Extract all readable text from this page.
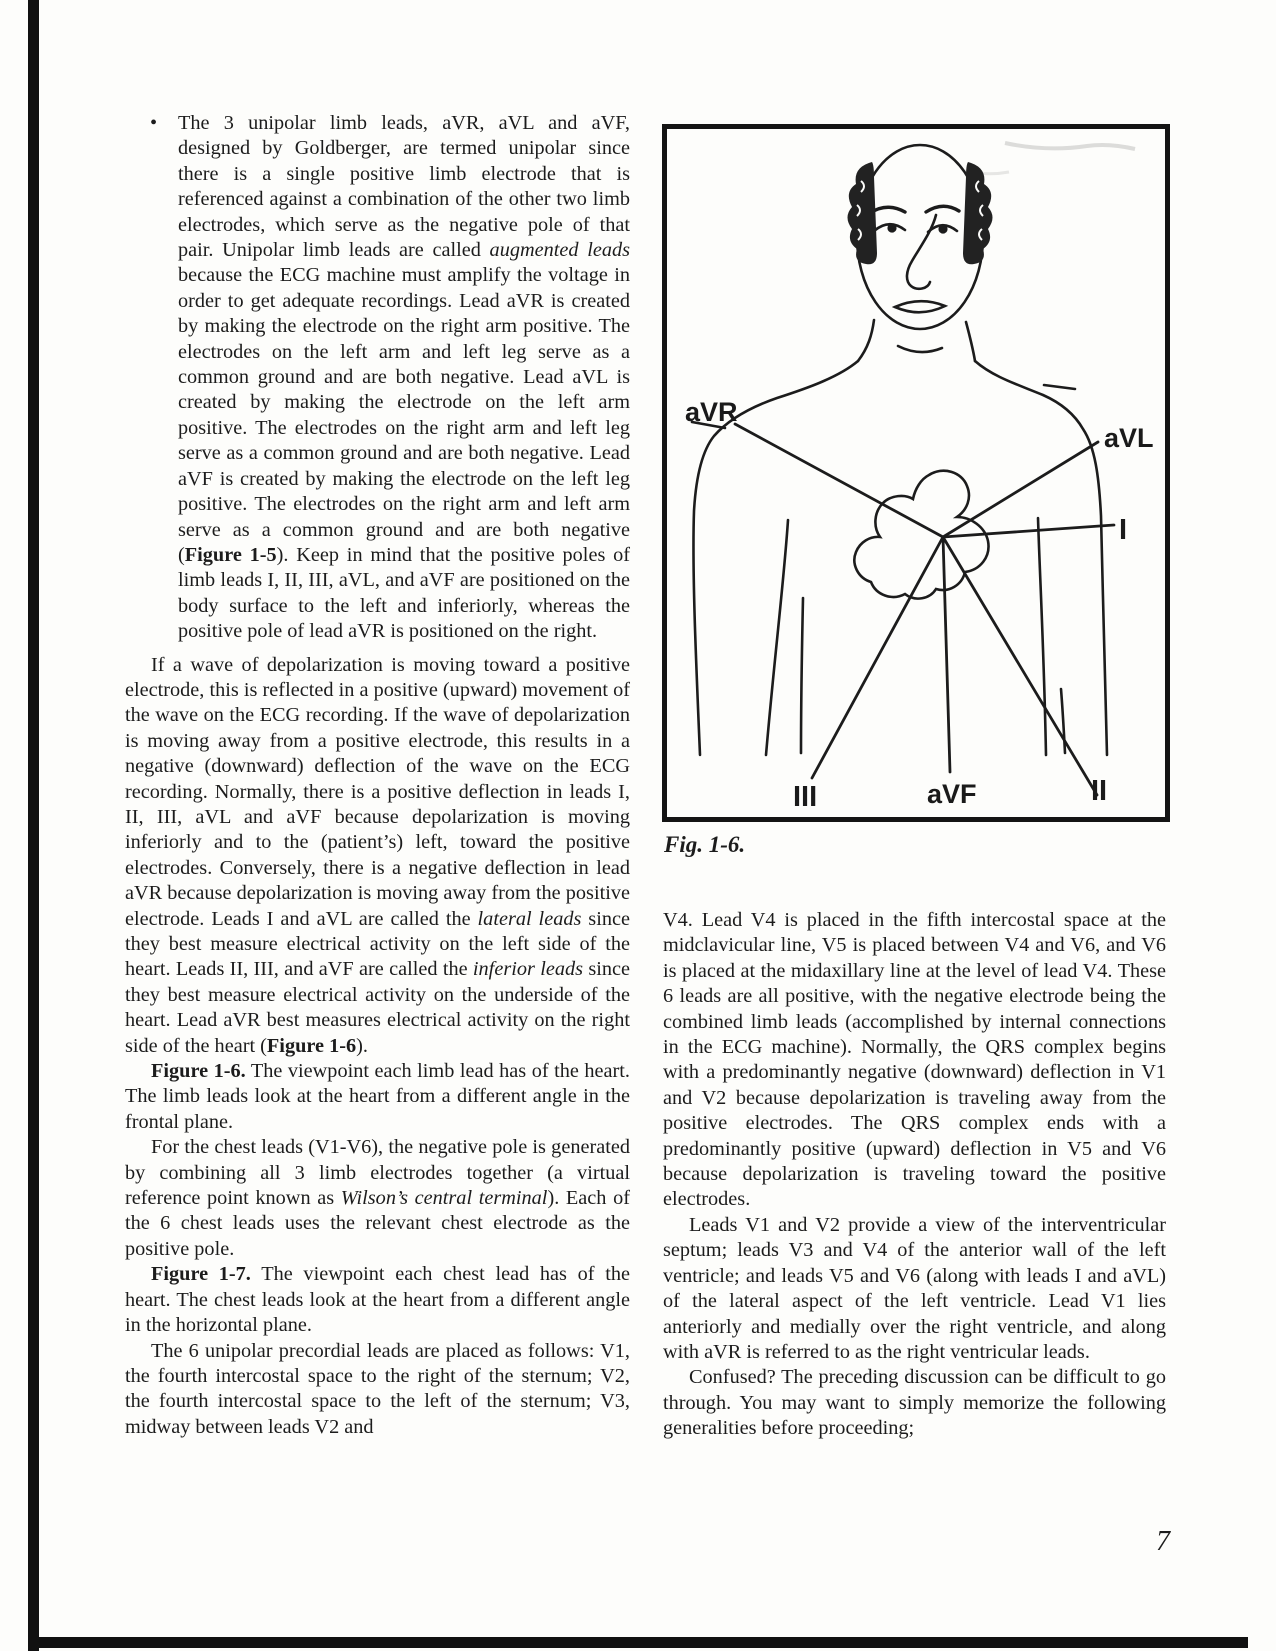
•	The 3 unipolar limb leads, aVR, aVL and aVF, designed by Goldberger, are termed unipolar since there is a single positive limb electrode that is referenced against a combination of the other two limb electrodes, which serve as the negative pole of that pair. Unipolar limb leads are called augmented leads because the ECG machine must amplify the voltage in order to get adequate recordings. Lead aVR is created by making the electrode on the right arm positive. The electrodes on the left arm and left leg serve as a common ground and are both negative. Lead aVL is created by making the electrode on the left arm positive. The electrodes on the right arm and left leg serve as a common ground and are both negative. Lead aVF is created by making the electrode on the left leg positive. The electrodes on the right arm and left arm serve as a common ground and are both negative (Figure 1-5). Keep in mind that the positive poles of limb leads I, II, III, aVL, and aVF are positioned on the body surface to the left and inferiorly, whereas the positive pole of lead aVR is positioned on the right.

If a wave of depolarization is moving toward a positive electrode, this is reflected in a positive (upward) movement of the wave on the ECG recording. If the wave of depolarization is moving away from a positive electrode, this results in a negative (downward) deflection of the wave on the ECG recording. Normally, there is a positive deflection in leads I, II, III, aVL and aVF because depolarization is moving inferiorly and to the (patient’s) left, toward the positive electrodes. Conversely, there is a negative deflection in lead aVR because depolarization is moving away from the positive electrode. Leads I and aVL are called the lateral leads since they best measure electrical activity on the left side of the heart. Leads II, III, and aVF are called the inferior leads since they best measure electrical activity on the underside of the heart. Lead aVR best measures electrical activity on the right side of the heart (Figure 1-6).

Figure 1-6. The viewpoint each limb lead has of the heart. The limb leads look at the heart from a different angle in the frontal plane.

For the chest leads (V1-V6), the negative pole is generated by combining all 3 limb electrodes together (a virtual reference point known as Wilson’s central terminal). Each of the 6 chest leads uses the relevant chest electrode as the positive pole.

Figure 1-7. The viewpoint each chest lead has of the heart. The chest leads look at the heart from a different angle in the horizontal plane.

The 6 unipolar precordial leads are placed as follows: V1, the fourth intercostal space to the right of the sternum; V2, the fourth intercostal space to the left of the sternum; V3, midway between leads V2 and

aVR
aVL
I
III	aVF	II
Fig. 1-6.

V4. Lead V4 is placed in the fifth intercostal space at the midclavicular line, V5 is placed between V4 and V6, and V6 is placed at the midaxillary line at the level of lead V4. These 6 leads are all positive, with the negative electrode being the combined limb leads (accomplished by internal connections in the ECG machine). Normally, the QRS complex begins with a predominantly negative (downward) deflection in V1 and V2 because depolarization is traveling away from the positive electrodes. The QRS complex ends with a predominantly positive (upward) deflection in V5 and V6 because depolarization is traveling toward the positive electrodes.

Leads V1 and V2 provide a view of the interventricular septum; leads V3 and V4 of the anterior wall of the left ventricle; and leads V5 and V6 (along with leads I and aVL) of the lateral aspect of the left ventricle. Lead V1 lies anteriorly and medially over the right ventricle, and along with aVR is referred to as the right ventricular leads.

Confused? The preceding discussion can be difficult to go through. You may want to simply memorize the following generalities before proceeding;

7
